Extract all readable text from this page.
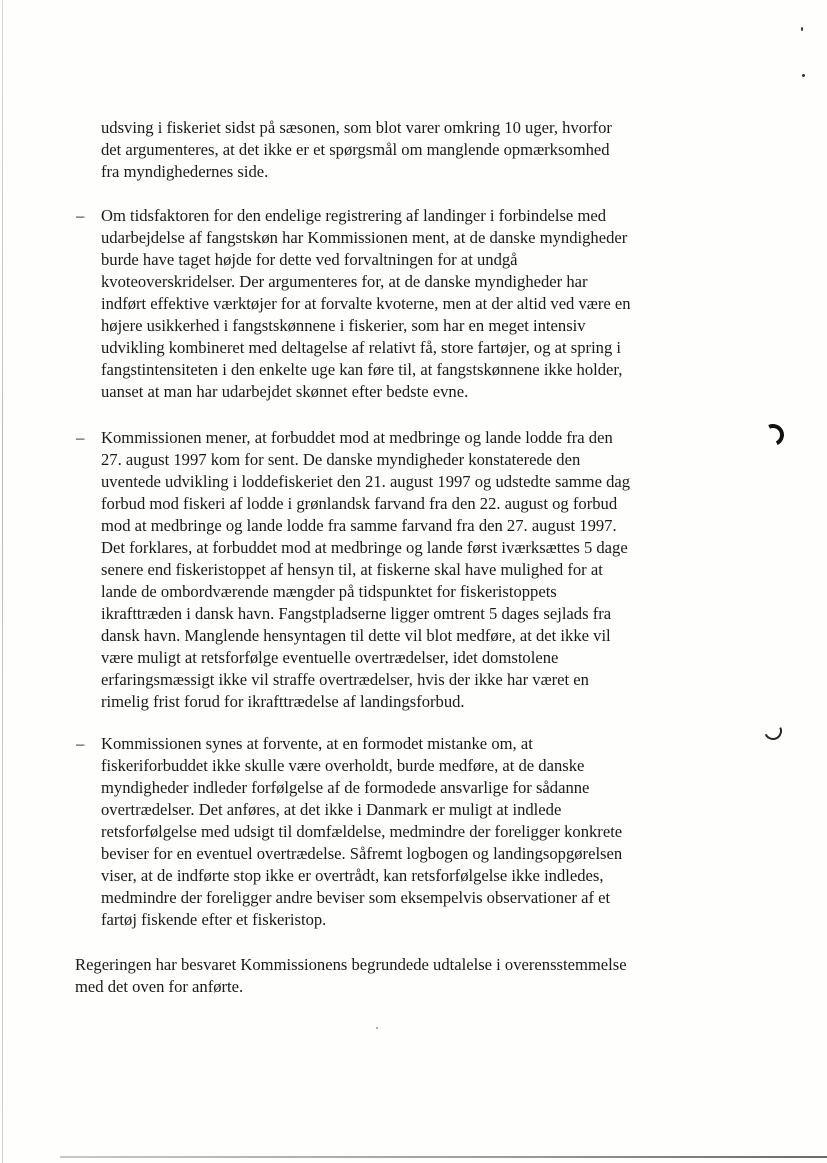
udsving i fiskeriet sidst på sæsonen, som blot varer omkring 10 uger, hvorfor
det argumenteres, at det ikke er et spørgsmål om manglende opmærksomhed
fra myndighedernes side.
– Om tidsfaktoren for den endelige registrering af landinger i forbindelse med
udarbejdelse af fangstskøn har Kommissionen ment, at de danske myndigheder
burde have taget højde for dette ved forvaltningen for at undgå
kvoteoverskridelser. Der argumenteres for, at de danske myndigheder har
indført effektive værktøjer for at forvalte kvoterne, men at der altid ved være en
højere usikkerhed i fangstskønnene i fiskerier, som har en meget intensiv
udvikling kombineret med deltagelse af relativt få, store fartøjer, og at spring i
fangstintensiteten i den enkelte uge kan føre til, at fangstskønnene ikke holder,
uanset at man har udarbejdet skønnet efter bedste evne.
– Kommissionen mener, at forbuddet mod at medbringe og lande lodde fra den
27. august 1997 kom for sent. De danske myndigheder konstaterede den
uventede udvikling i loddefiskeriet den 21. august 1997 og udstedte samme dag
forbud mod fiskeri af lodde i grønlandsk farvand fra den 22. august og forbud
mod at medbringe og lande lodde fra samme farvand fra den 27. august 1997.
Det forklares, at forbuddet mod at medbringe og lande først iværksættes 5 dage
senere end fiskeristoppet af hensyn til, at fiskerne skal have mulighed for at
lande de ombordværende mængder på tidspunktet for fiskeristoppets
ikrafttræden i dansk havn. Fangstpladserne ligger omtrent 5 dages sejlads fra
dansk havn. Manglende hensyntagen til dette vil blot medføre, at det ikke vil
være muligt at retsforfølge eventuelle overtrædelser, idet domstolene
erfaringsmæssigt ikke vil straffe overtrædelser, hvis der ikke har været en
rimelig frist forud for ikrafttrædelse af landingsforbud.
– Kommissionen synes at forvente, at en formodet mistanke om, at
fiskeriforbuddet ikke skulle være overholdt, burde medføre, at de danske
myndigheder indleder forfølgelse af de formodede ansvarlige for sådanne
overtrædelser. Det anføres, at det ikke i Danmark er muligt at indlede
retsforfølgelse med udsigt til domfældelse, medmindre der foreligger konkrete
beviser for en eventuel overtrædelse. Såfremt logbogen og landingsopgørelsen
viser, at de indførte stop ikke er overtrådt, kan retsforfølgelse ikke indledes,
medmindre der foreligger andre beviser som eksempelvis observationer af et
fartøj fiskende efter et fiskeristop.
Regeringen har besvaret Kommissionens begrundede udtalelse i overensstemmelse
med det oven for anførte.
